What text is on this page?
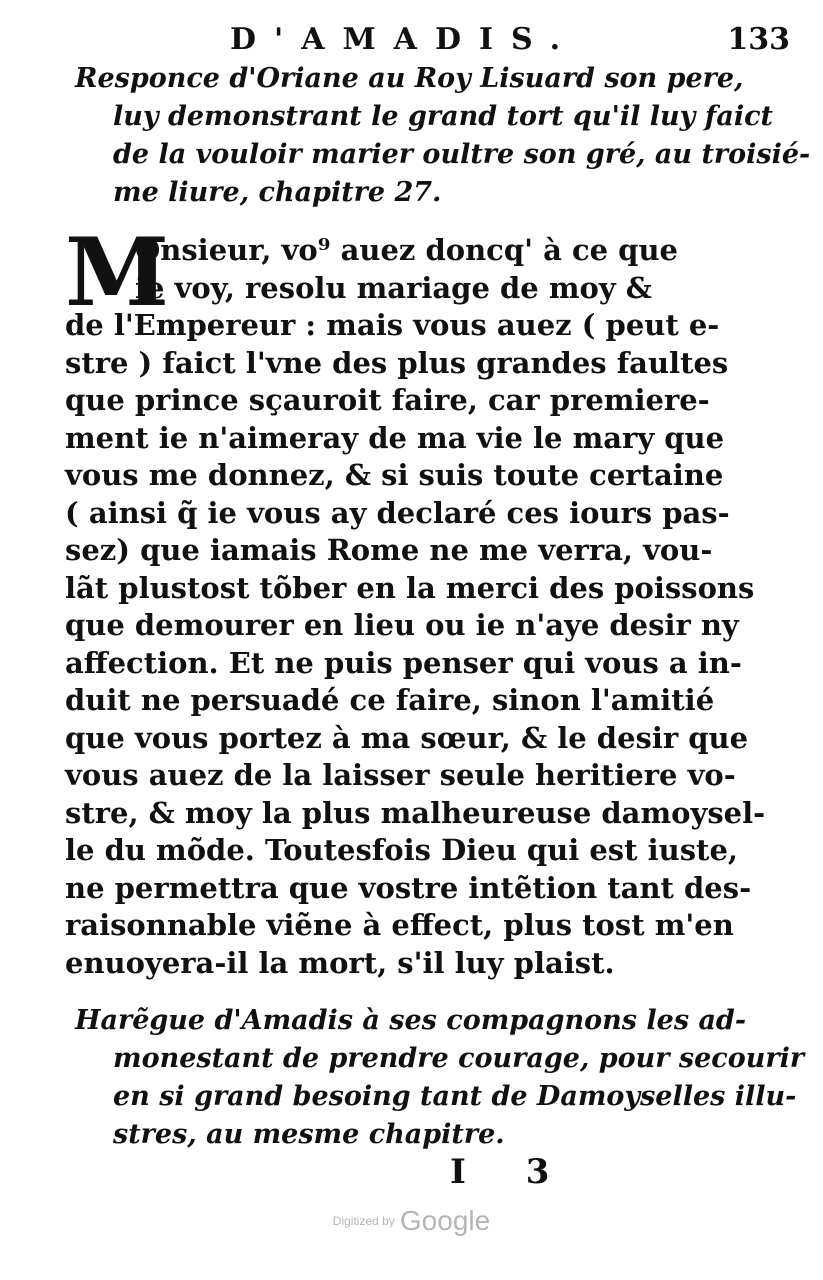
D'AMADIS.	133
Responce d'Oriane au Roy Lisuard son pere,
luy demonstrant le grand tort qu'il luy faict
de la vouloir marier oultre son gré, au troisié-
me liure, chapitre 27.
M
Onsieur, vo⁹ auez doncq' à ce que
ie voy, resolu mariage de moy &
de l'Empereur : mais vous auez ( peut e-
stre ) faict l'vne des plus grandes faultes
que prince sçauroit faire, car premiere-
ment ie n'aimeray de ma vie le mary que
vous me donnez, & si suis toute certaine
( ainsi q̃ ie vous ay declaré ces iours pas-
sez) que iamais Rome ne me verra, vou-
lãt plustost tõber en la merci des poissons
que demourer en lieu ou ie n'aye desir ny
affection. Et ne puis penser qui vous a in-
duit ne persuadé ce faire, sinon l'amitié
que vous portez à ma sœur, & le desir que
vous auez de la laisser seule heritiere vo-
stre, & moy la plus malheureuse damoysel-
le du mõde. Toutesfois Dieu qui est iuste,
ne permettra que vostre intẽtion tant des-
raisonnable viẽne à effect, plus tost m'en
enuoyera-il la mort, s'il luy plaist.
Harẽgue d'Amadis à ses compagnons les ad-
monestant de prendre courage, pour secourir
en si grand besoing tant de Damoyselles illu-
stres, au mesme chapitre.
I 3
Digitized by Google
